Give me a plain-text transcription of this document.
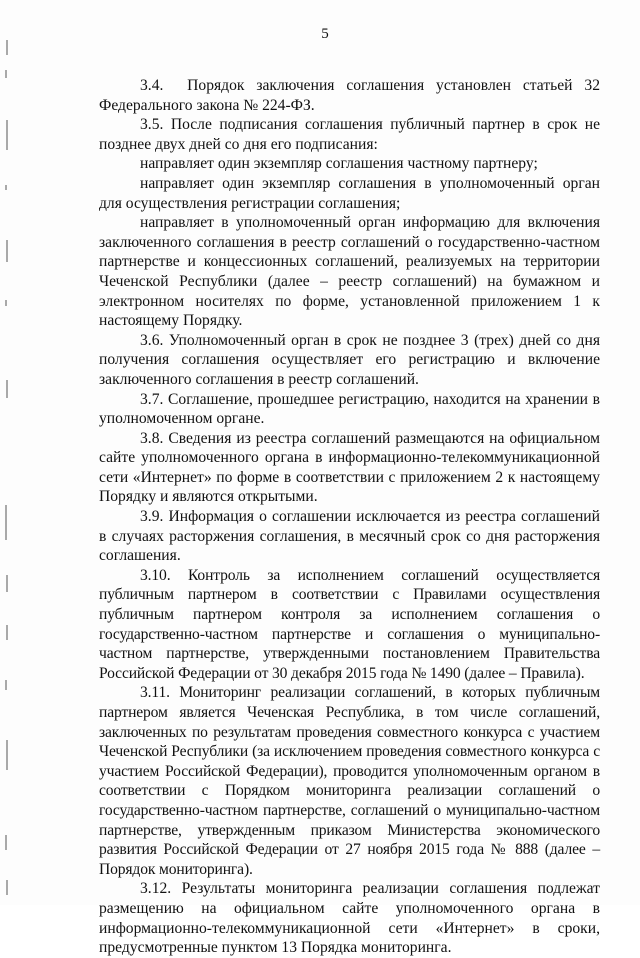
5

3.4.  Порядок заключения соглашения установлен статьей 32 Федерального закона № 224-ФЗ.

3.5. После подписания соглашения публичный партнер в срок не позднее двух дней со дня его подписания:

направляет один экземпляр соглашения частному партнеру;

направляет один экземпляр соглашения в уполномоченный орган для осуществления регистрации соглашения;

направляет в уполномоченный орган информацию для включения заключенного соглашения в реестр соглашений о государственно-частном партнерстве и концессионных соглашений, реализуемых на территории Чеченской Республики (далее – реестр соглашений) на бумажном и электронном носителях по форме, установленной приложением 1 к настоящему Порядку.

3.6. Уполномоченный орган в срок не позднее 3 (трех) дней со дня получения соглашения осуществляет его регистрацию и включение заключенного соглашения в реестр соглашений.

3.7. Соглашение, прошедшее регистрацию, находится на хранении в уполномоченном органе.

3.8. Сведения из реестра соглашений размещаются на официальном сайте уполномоченного органа в информационно-телекоммуникационной сети «Интернет» по форме в соответствии с приложением 2 к настоящему Порядку и являются открытыми.

3.9. Информация о соглашении исключается из реестра соглашений в случаях расторжения соглашения, в месячный срок со дня расторжения соглашения.

3.10. Контроль за исполнением соглашений осуществляется публичным партнером в соответствии с Правилами осуществления публичным партнером контроля за исполнением соглашения о государственно-частном партнерстве и соглашения о муниципально-частном партнерстве, утвержденными постановлением Правительства Российской Федерации от 30 декабря 2015 года № 1490 (далее – Правила).

3.11. Мониторинг реализации соглашений, в которых публичным партнером является Чеченская Республика, в том числе соглашений, заключенных по результатам проведения совместного конкурса с участием Чеченской Республики (за исключением проведения совместного конкурса с участием Российской Федерации), проводится уполномоченным органом в соответствии с Порядком мониторинга реализации соглашений о государственно-частном партнерстве, соглашений о муниципально-частном партнерстве, утвержденным приказом Министерства экономического развития Российской Федерации от 27 ноября 2015 года № 888 (далее – Порядок мониторинга).

3.12. Результаты мониторинга реализации соглашения подлежат размещению на официальном сайте уполномоченного органа в информационно-телекоммуникационной сети «Интернет» в сроки, предусмотренные пунктом 13 Порядка мониторинга.
